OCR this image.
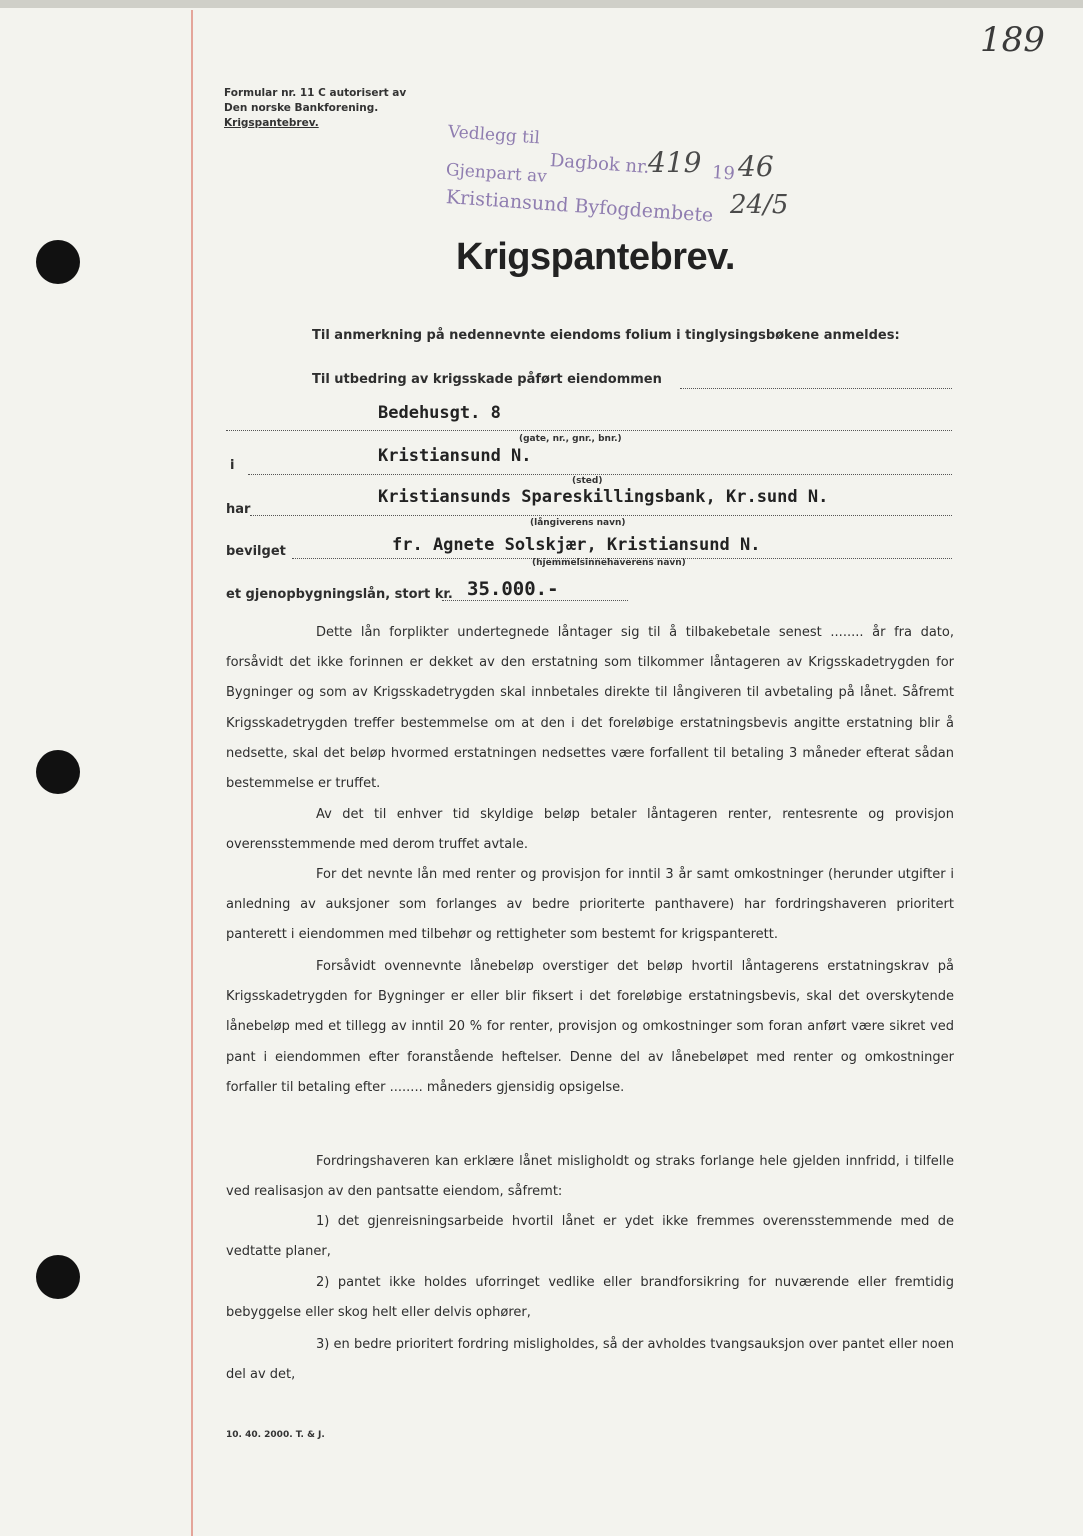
189
Formular nr. 11 C autorisert av
Den norske Bankforening.
Krigspantebrev.	Vedlegg til
Gjenpart av
Kristiansund Byfogdembete
Dagbok nr.
419 19 46
24/5
Krigspantebrev.
Til anmerkning på nedennevnte eiendoms folium i tinglysingsbøkene anmeldes:
Til utbedring av krigsskade påført eiendommen
Bedehusgt. 8
(gate, nr., gnr., bnr.)
i	Kristiansund N.
(sted)
har
Kristiansunds Spareskillingsbank, Kr.sund N.
(långiverens navn)
bevilget	fr. Agnete Solskjær, Kristiansund N.
(hjemmelsinnehaverens navn)
et gjenopbygningslån, stort kr. 35.000.-
Dette lån forplikter undertegnede låntager sig til å tilbakebetale senest ........ år fra dato, forsåvidt det ikke forinnen er dekket av den erstatning som tilkommer låntageren av Krigsskadetrygden for Bygninger og som av Krigsskadetrygden skal innbetales direkte til långiveren til avbetaling på lånet. Såfremt Krigsskadetrygden treffer bestemmelse om at den i det foreløbige erstatningsbevis angitte erstatning blir å nedsette, skal det beløp hvormed erstatningen nedsettes være forfallent til betaling 3 måneder efterat sådan bestemmelse er truffet.
Av det til enhver tid skyldige beløp betaler låntageren renter, rentesrente og provisjon overensstemmende med derom truffet avtale.
For det nevnte lån med renter og provisjon for inntil 3 år samt omkostninger (herunder utgifter i anledning av auksjoner som forlanges av bedre prioriterte panthavere) har fordringshaveren prioritert panterett i eiendommen med tilbehør og rettigheter som bestemt for krigspanterett.
Forsåvidt ovennevnte lånebeløp overstiger det beløp hvortil låntagerens erstatningskrav på Krigsskadetrygden for Bygninger er eller blir fiksert i det foreløbige erstatningsbevis, skal det overskytende lånebeløp med et tillegg av inntil 20 % for renter, provisjon og omkostninger som foran anført være sikret ved pant i eiendommen efter foranstående heftelser. Denne del av lånebeløpet med renter og omkostninger forfaller til betaling efter ........ måneders gjensidig opsigelse.
Fordringshaveren kan erklære lånet misligholdt og straks forlange hele gjelden innfridd, i tilfelle ved realisasjon av den pantsatte eiendom, såfremt:
1) det gjenreisningsarbeide hvortil lånet er ydet ikke fremmes overensstemmende med de vedtatte planer,
2) pantet ikke holdes uforringet vedlike eller brandforsikring for nuværende eller fremtidig bebyggelse eller skog helt eller delvis ophører,
3) en bedre prioritert fordring misligholdes, så der avholdes tvangsauksjon over pantet eller noen del av det,
10. 40. 2000. T. & J.
